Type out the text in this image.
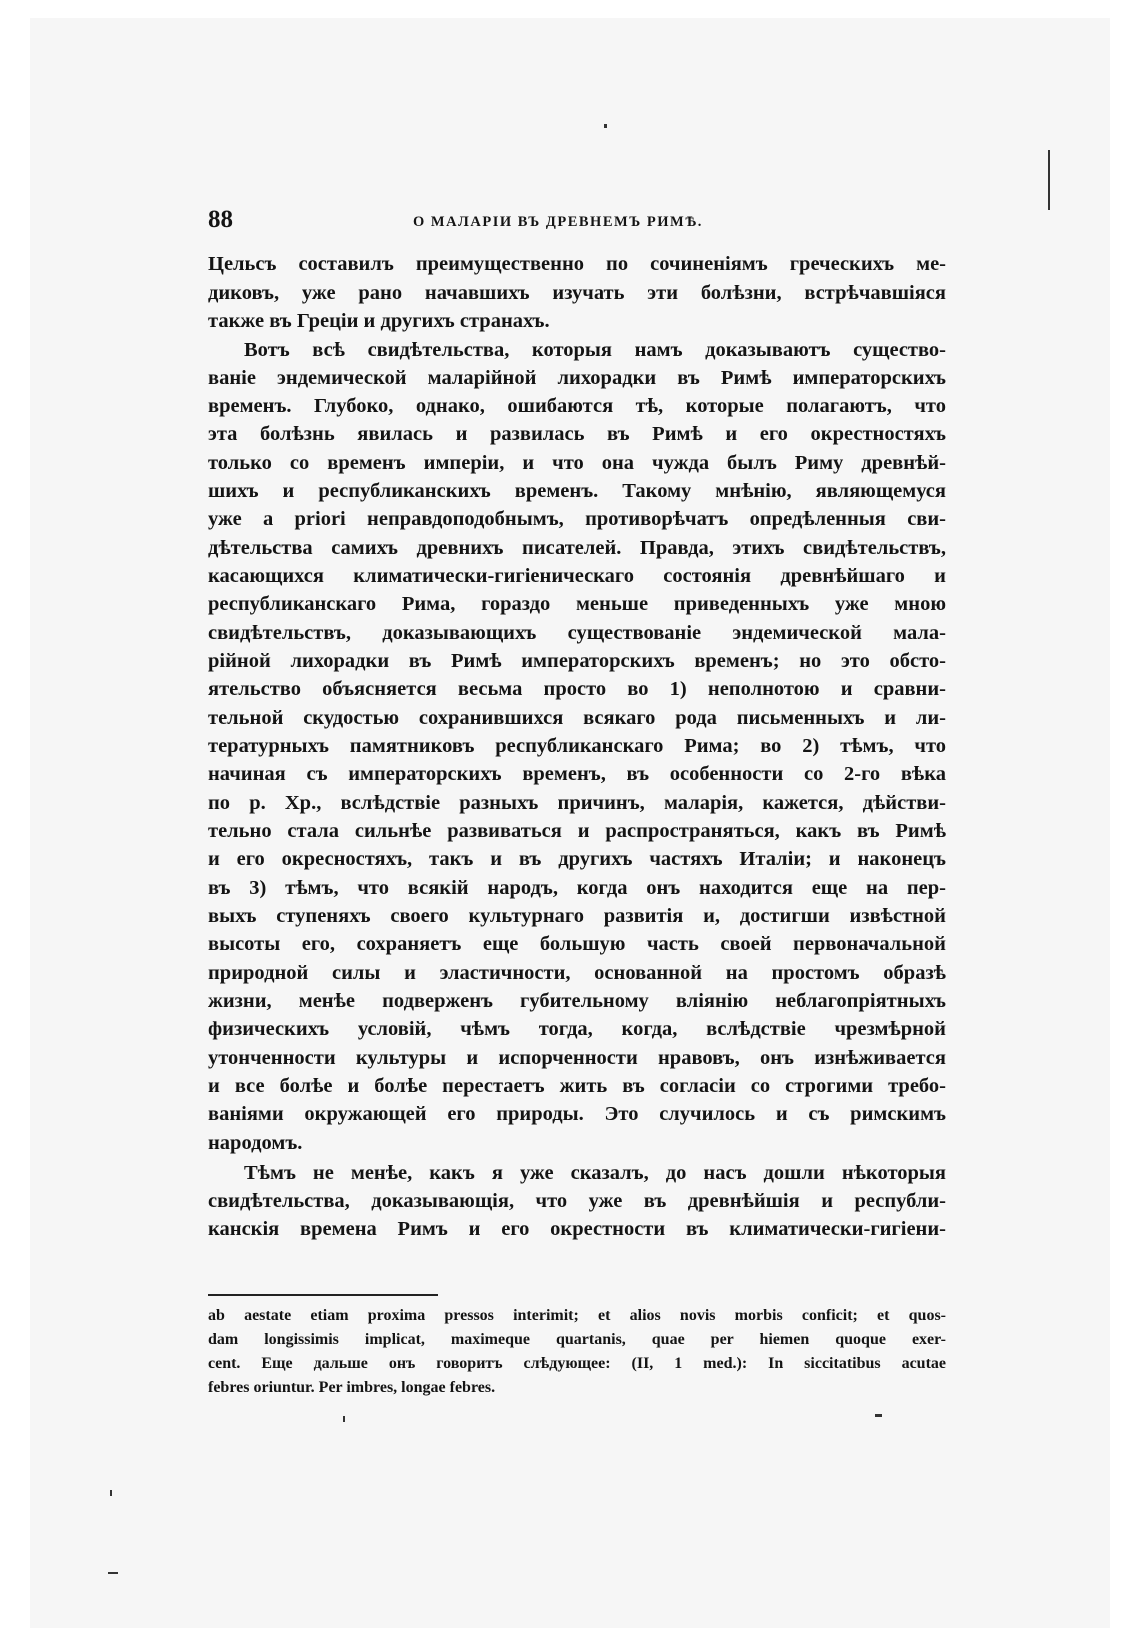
88	О МАЛАРІИ ВЪ ДРЕВНЕМЪ РИМѢ.
Цельсъ составилъ преимущественно по сочиненіямъ греческихъ ме-
диковъ, уже рано начавшихъ изучать эти болѣзни, встрѣчавшіяся
также въ Греціи и другихъ странахъ.
Вотъ всѣ свидѣтельства, которыя намъ доказываютъ существо-
ваніе эндемической маларійной лихорадки въ Римѣ императорскихъ
временъ. Глубоко, однако, ошибаются тѣ, которые полагаютъ, что
эта болѣзнь явилась и развилась въ Римѣ и его окрестностяхъ
только со временъ имперіи, и что она чужда былъ Риму древнѣй-
шихъ и республиканскихъ временъ. Такому мнѣнію, являющемуся
уже a priori неправдоподобнымъ, противорѣчатъ опредѣленныя сви-
дѣтельства самихъ древнихъ писателей. Правда, этихъ свидѣтельствъ,
касающихся климатически-гигіеническаго состоянія древнѣйшаго и
республиканскаго Рима, гораздо меньше приведенныхъ уже мною
свидѣтельствъ, доказывающихъ существованіе эндемической мала-
рійной лихорадки въ Римѣ императорскихъ временъ; но это обсто-
ятельство объясняется весьма просто во 1) неполнотою и сравни-
тельной скудостью сохранившихся всякаго рода письменныхъ и ли-
тературныхъ памятниковъ республиканскаго Рима; во 2) тѣмъ, что
начиная съ императорскихъ временъ, въ особенности со 2-го вѣка
по р. Хр., вслѣдствіе разныхъ причинъ, маларія, кажется, дѣйстви-
тельно стала сильнѣе развиваться и распространяться, какъ въ Римѣ
и его окресностяхъ, такъ и въ другихъ частяхъ Италіи; и наконецъ
въ 3) тѣмъ, что всякій народъ, когда онъ находится еще на пер-
выхъ ступеняхъ своего культурнаго развитія и, достигши извѣстной
высоты его, сохраняетъ еще большую часть своей первоначальной
природной силы и эластичности, основанной на простомъ образѣ
жизни, менѣе подверженъ губительному вліянію неблагопріятныхъ
физическихъ условій, чѣмъ тогда, когда, вслѣдствіе чрезмѣрной
утонченности культуры и испорченности нравовъ, онъ изнѣживается
и все болѣе и болѣе перестаетъ жить въ согласіи со строгими требо-
ваніями окружающей его природы. Это случилось и съ римскимъ
народомъ.
Тѣмъ не менѣе, какъ я уже сказалъ, до насъ дошли нѣкоторыя
свидѣтельства, доказывающія, что уже въ древнѣйшія и республи-
канскія времена Римъ и его окрестности въ климатически-гигіени-
ab aestate etiam proxima pressos interimit; et alios novis morbis conficit; et quos-
dam longissimis implicat, maximeque quartanis, quae per hiemen quoque exer-
cent. Еще дальше онъ говоритъ слѣдующее: (II, 1 med.): In siccitatibus acutae
febres oriuntur. Per imbres, longae febres.
